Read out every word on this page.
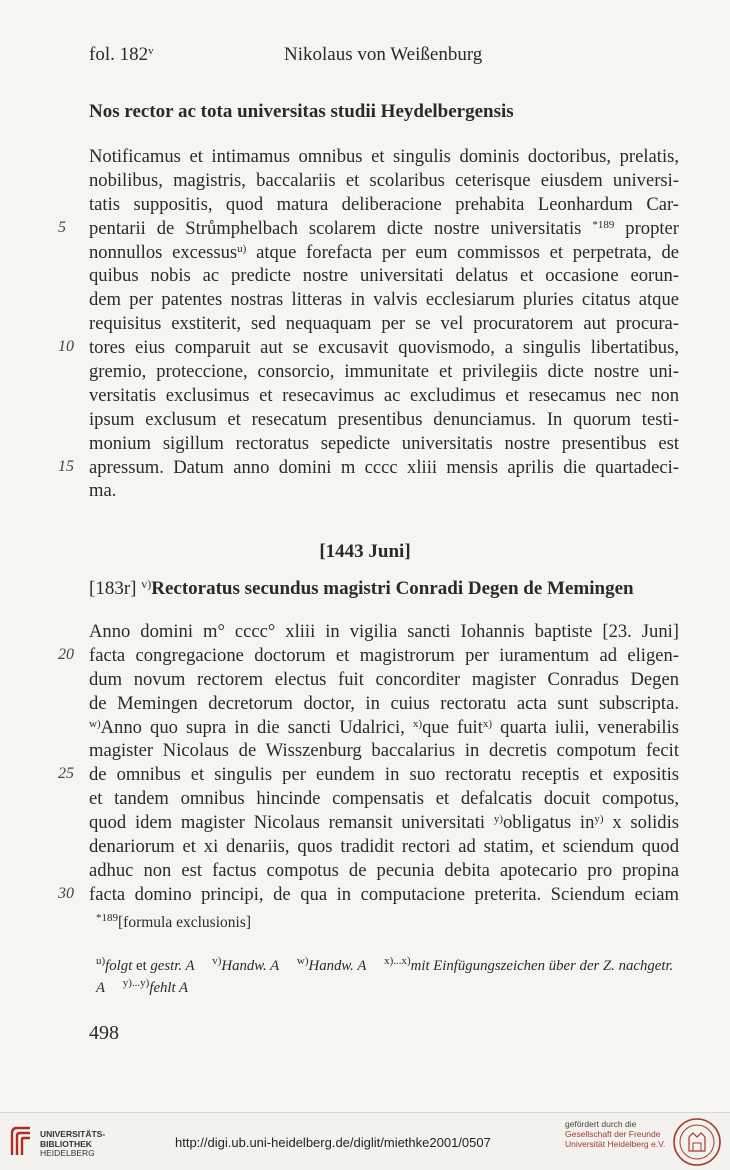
fol. 182$^v$	Nikolaus von Weißenburg
Nos rector ac tota universitas studii Heydelbergensis
Notificamus et intimamus omnibus et singulis dominis doctoribus, prelatis,
nobilibus, magistris, baccalariis et scolaribus ceterisque eiusdem universi-
tatis suppositis, quod matura deliberacione prehabita Leonhardum Car-
pentarii de Strůmphelbach scolarem dicte nostre universitatis $^{*189}$ propter
nonnullos excessus$^{u)}$ atque forefacta per eum commissos et perpetrata, de
quibus nobis ac predicte nostre universitati delatus et occasione eorun-
dem per patentes nostras litteras in valvis ecclesiarum pluries citatus atque
requisitus exstiterit, sed nequaquam per se vel procuratorem aut procura-
tores eius comparuit aut se excusavit quovismodo, a singulis libertatibus,
gremio, proteccione, consorcio, immunitate et privilegiis dicte nostre uni-
versitatis exclusimus et resecavimus ac excludimus et resecamus nec non
ipsum exclusum et resecatum presentibus denunciamus. In quorum testi-
monium sigillum rectoratus sepedicte universitatis nostre presentibus est
apressum. Datum anno domini m cccc xliii mensis aprilis die quartadeci-
ma.
5
10
15
[1443 Juni]
[183r] $^{v)}$Rectoratus secundus magistri Conradi Degen de Memingen
Anno domini m° cccc° xliii in vigilia sancti Iohannis baptiste [23. Juni]
facta congregacione doctorum et magistrorum per iuramentum ad eligen-
dum novum rectorem electus fuit concorditer magister Conradus Degen
de Memingen decretorum doctor, in cuius rectoratu acta sunt subscripta.
$^{w)}$Anno quo supra in die sancti Udalrici, $^{x)}$que fuit$^{x)}$ quarta iulii, venerabilis
magister Nicolaus de Wisszenburg baccalarius in decretis compotum fecit
de omnibus et singulis per eundem in suo rectoratu receptis et expositis
et tandem omnibus hincinde compensatis et defalcatis docuit compotus,
quod idem magister Nicolaus remansit universitati $^{y)}$obligatus $in^{y)}$ x solidis
denariorum et xi denariis, quos tradidit rectori ad statim, et sciendum quod
adhuc non est factus compotus de pecunia debita apotecario pro propina
facta domino principi, de qua in computacione preterita. Sciendum eciam
20
25
30
$^{*189}$[formula exclusionis]
$^{u)}$folgt et gestr. A $^{v)}$Handw. A $^{w)}$Handw. A $^{x)...x)}$mit Einfügungszeichen über der Z. nachgetr.
A $^{y)...y)}$fehlt A
498
UNIVERSITÄTS-
BIBLIOTHEK
HEIDELBERG
http://digi.ub.uni-heidelberg.de/diglit/miethke2001/0507
gefördert durch die
Gesellschaft der Freunde
Universität Heidelberg e.V.
